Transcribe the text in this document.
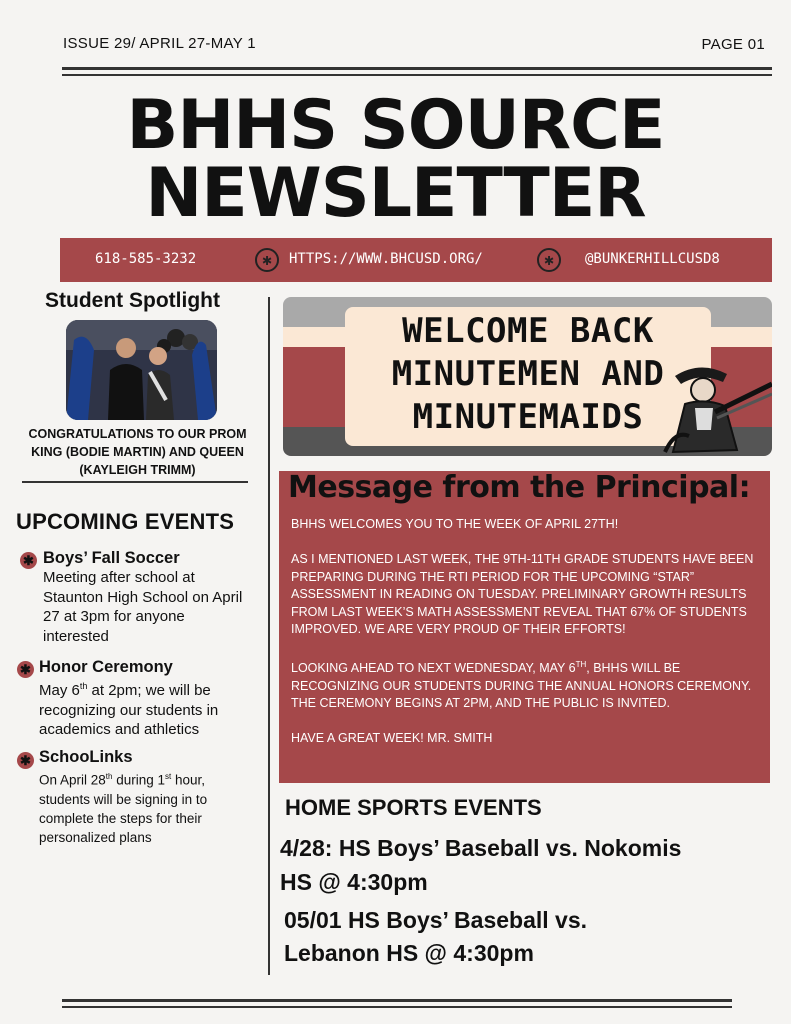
ISSUE 29/ APRIL 27-MAY 1	PAGE 01
BHHS SOURCE
NEWSLETTER
618-585-3232	✱	HTTPS://WWW.BHCUSD.ORG/	✱	@BUNKERHILLCUSD8
Student Spotlight
CONGRATULATIONS TO OUR PROM KING (BODIE MARTIN) AND QUEEN (KAYLEIGH TRIMM)
UPCOMING EVENTS
✱ Boys’ Fall Soccer
Meeting after school at Staunton High School on April 27 at 3pm for anyone interested
✱ Honor Ceremony
May 6th at 2pm; we will be recognizing our students in academics and athletics
✱ SchooLinks
On April 28th during 1st hour, students will be signing in to complete the steps for their personalized plans
WELCOME BACK
MINUTEMEN AND
MINUTEMAIDS
Message from the Principal:

BHHS WELCOMES YOU TO THE WEEK OF APRIL 27TH!

AS I MENTIONED LAST WEEK, THE 9TH-11TH GRADE STUDENTS HAVE BEEN PREPARING DURING THE RTI PERIOD FOR THE UPCOMING “STAR” ASSESSMENT IN READING ON TUESDAY. PRELIMINARY GROWTH RESULTS FROM LAST WEEK’S MATH ASSESSMENT REVEAL THAT 67% OF STUDENTS IMPROVED. WE ARE VERY PROUD OF THEIR EFFORTS!

LOOKING AHEAD TO NEXT WEDNESDAY, MAY 6TH, BHHS WILL BE RECOGNIZING OUR STUDENTS DURING THE ANNUAL HONORS CEREMONY. THE CEREMONY BEGINS AT 2PM, AND THE PUBLIC IS INVITED.

HAVE A GREAT WEEK! MR. SMITH

HOME SPORTS EVENTS
4/28: HS Boys’ Baseball vs. Nokomis
HS @ 4:30pm
05/01 HS Boys’ Baseball vs.
Lebanon HS @ 4:30pm
